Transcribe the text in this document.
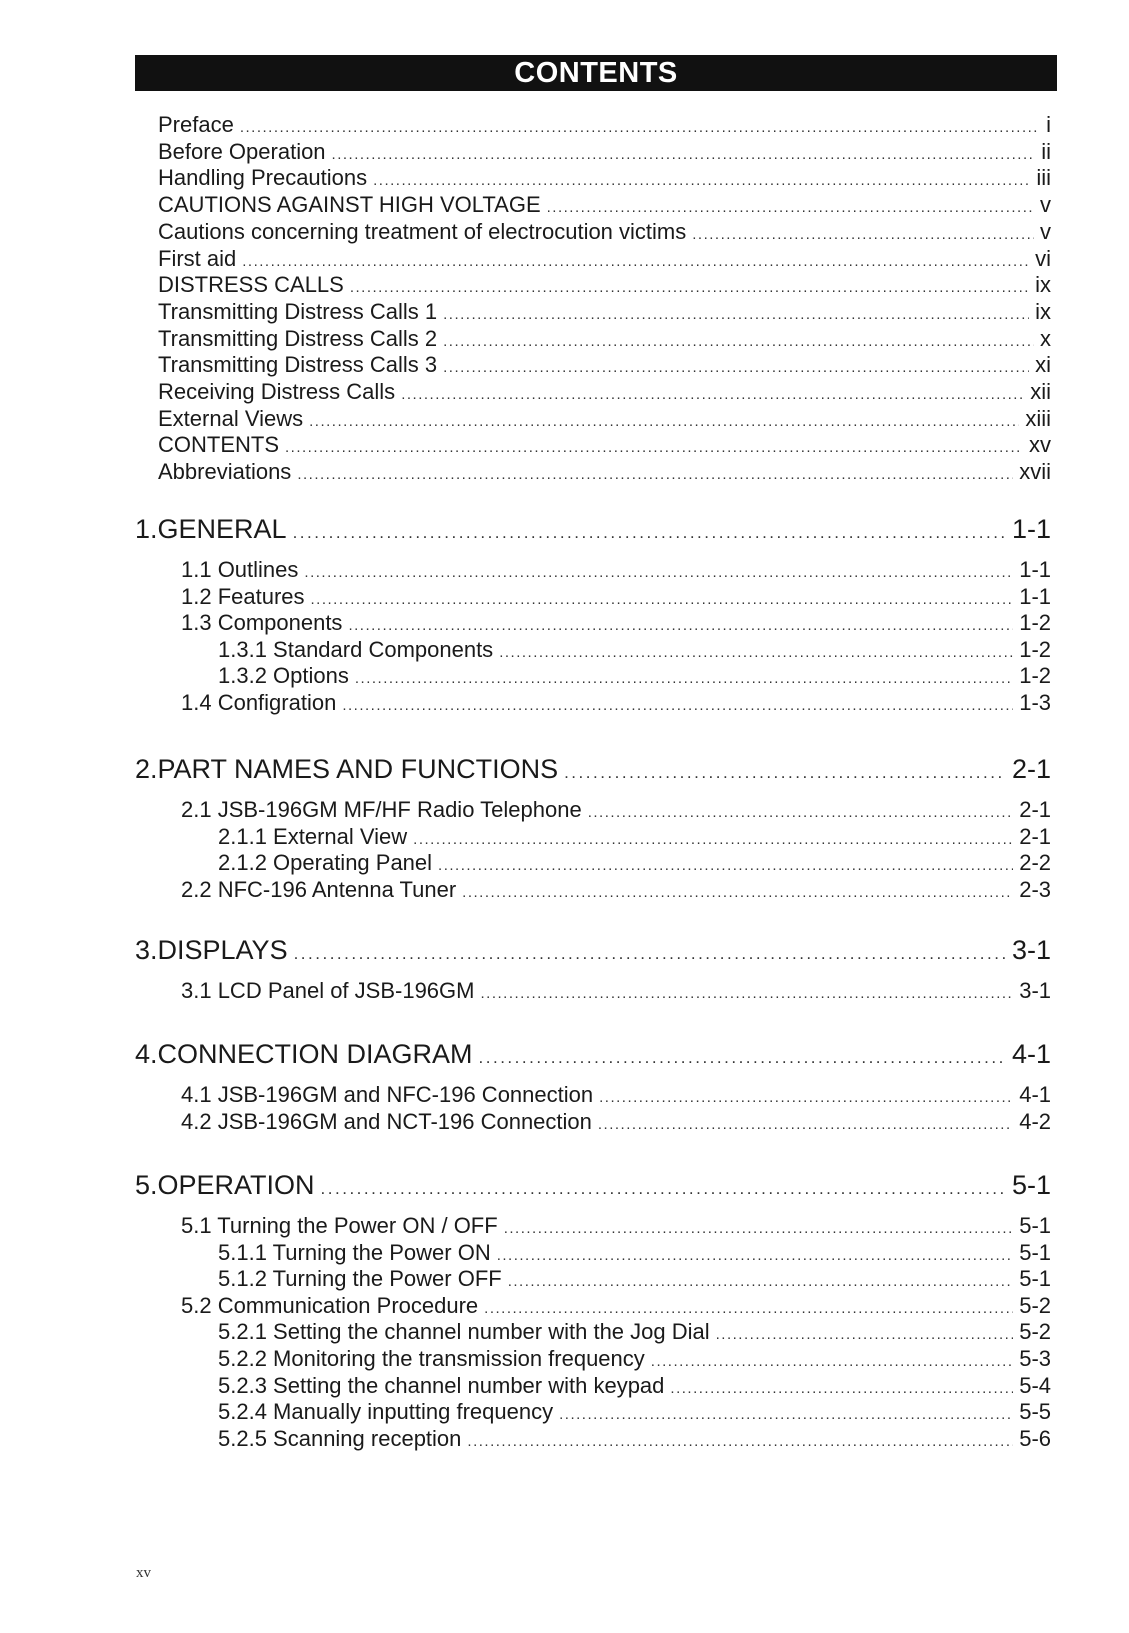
CONTENTS
Preface .....	i
Before Operation .....	ii
Handling Precautions .....	iii
CAUTIONS AGAINST HIGH VOLTAGE .....	v
Cautions concerning treatment of electrocution victims .....	v
First aid .....	vi
DISTRESS CALLS .....	ix
Transmitting Distress Calls 1 .....	ix
Transmitting Distress Calls 2 .....	x
Transmitting Distress Calls 3 .....	xi
Receiving Distress Calls .....	xii
External Views .....	xiii
CONTENTS .....	xv
Abbreviations .....	xvii
1.GENERAL .....	1-1
1.1 Outlines .....	1-1
1.2 Features .....	1-1
1.3 Components .....	1-2
1.3.1 Standard Components .....	1-2
1.3.2 Options .....	1-2
1.4 Configration .....	1-3
2.PART NAMES AND FUNCTIONS .....	2-1
2.1 JSB-196GM MF/HF Radio Telephone .....	2-1
2.1.1 External View .....	2-1
2.1.2 Operating Panel .....	2-2
2.2 NFC-196 Antenna Tuner .....	2-3
3.DISPLAYS .....	3-1
3.1 LCD Panel of JSB-196GM .....	3-1
4.CONNECTION DIAGRAM .....	4-1
4.1 JSB-196GM and NFC-196 Connection .....	4-1
4.2 JSB-196GM and NCT-196 Connection .....	4-2
5.OPERATION .....	5-1
5.1 Turning the Power ON / OFF .....	5-1
5.1.1 Turning the Power ON .....	5-1
5.1.2 Turning the Power OFF .....	5-1
5.2 Communication Procedure .....	5-2
5.2.1 Setting the channel number with the Jog Dial .....	5-2
5.2.2 Monitoring the transmission frequency .....	5-3
5.2.3 Setting the channel number with keypad .....	5-4
5.2.4 Manually inputting frequency .....	5-5
5.2.5 Scanning reception .....	5-6
xv
